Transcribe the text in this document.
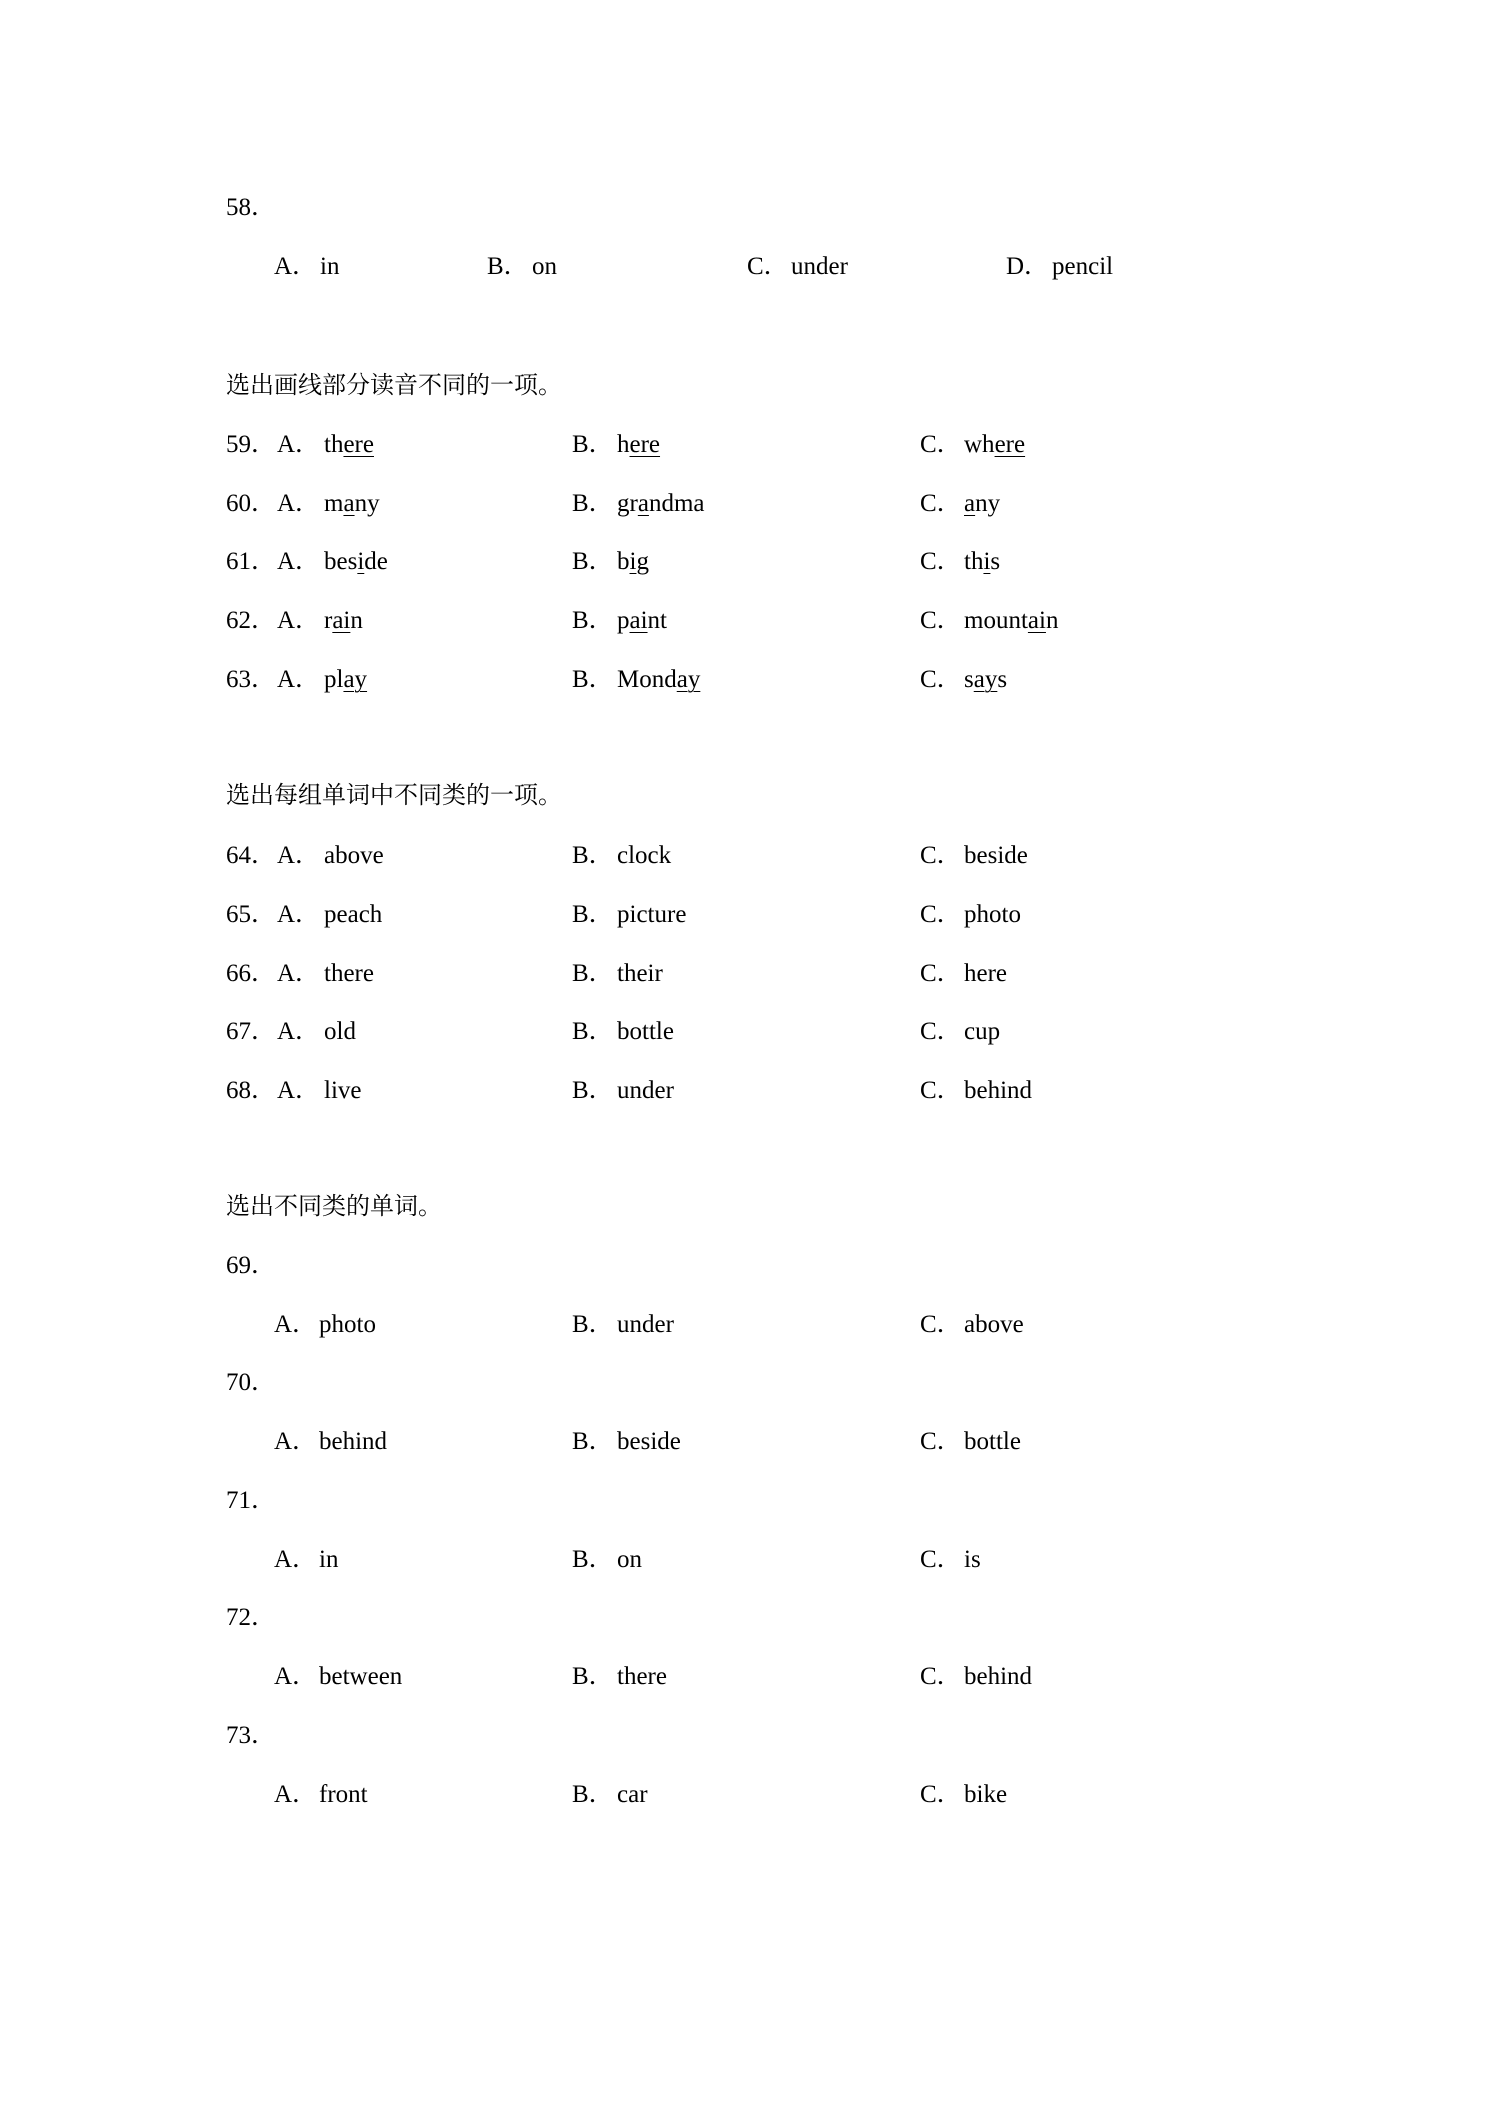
58．
A． in	B． on	C． under	D． pencil
选出画线部分读音不同的一项。
59． A． there	B． here	C． where
60． A． many	B． grandma	C． any
61． A． beside	B． big	C． this
62． A． rain	B． paint	C． mountain
63． A． play	B． Monday	C． says
选出每组单词中不同类的一项。
64． A． above	B． clock	C． beside
65． A． peach	B． picture	C． photo
66． A． there	B． their	C． here
67． A． old	B． bottle	C． cup
68． A． live	B． under	C． behind
选出不同类的单词。
69．
A． photo	B． under	C． above
70．
A． behind	B． beside	C． bottle
71．
A． in	B． on	C． is
72．
A． between	B． there	C． behind
73．
A． front	B． car	C． bike
